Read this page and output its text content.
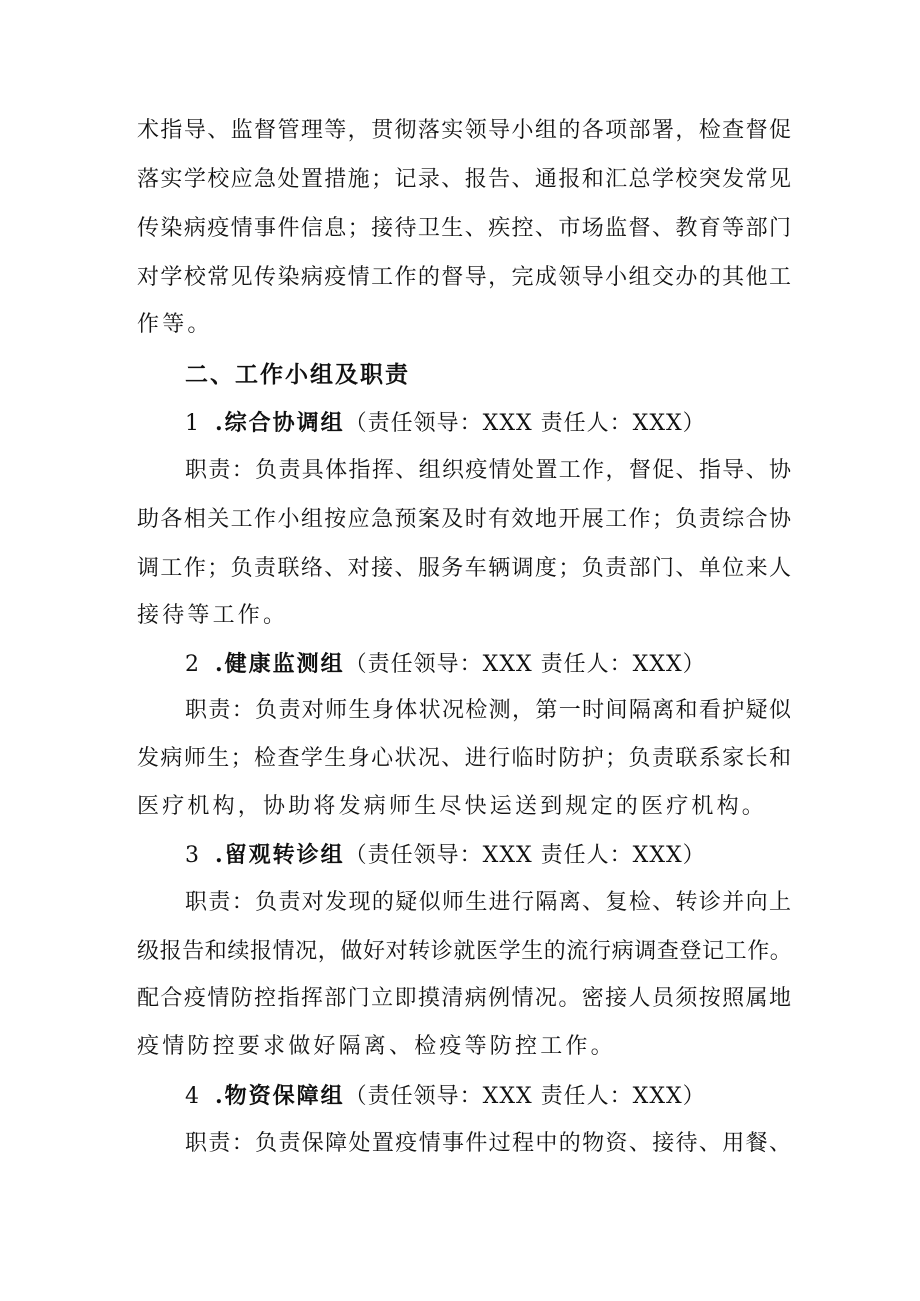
术指导、监督管理等，贯彻落实领导小组的各项部署，检查督促
落实学校应急处置措施；记录、报告、通报和汇总学校突发常见
传染病疫情事件信息；接待卫生、疾控、市场监督、教育等部门
对学校常见传染病疫情工作的督导，完成领导小组交办的其他工
作等。
二、工作小组及职责
1 .综合协调组（责任领导：XXX 责任人：XXX）
职责：负责具体指挥、组织疫情处置工作，督促、指导、协
助各相关工作小组按应急预案及时有效地开展工作；负责综合协
调工作；负责联络、对接、服务车辆调度；负责部门、单位来人
接待等工作。
2 .健康监测组（责任领导：XXX 责任人：XXX）
职责：负责对师生身体状况检测，第一时间隔离和看护疑似
发病师生；检查学生身心状况、进行临时防护；负责联系家长和
医疗机构，协助将发病师生尽快运送到规定的医疗机构。
3 .留观转诊组（责任领导：XXX 责任人：XXX）
职责：负责对发现的疑似师生进行隔离、复检、转诊并向上
级报告和续报情况，做好对转诊就医学生的流行病调查登记工作。
配合疫情防控指挥部门立即摸清病例情况。密接人员须按照属地
疫情防控要求做好隔离、检疫等防控工作。
4 .物资保障组（责任领导：XXX 责任人：XXX）
职责：负责保障处置疫情事件过程中的物资、接待、用餐、
